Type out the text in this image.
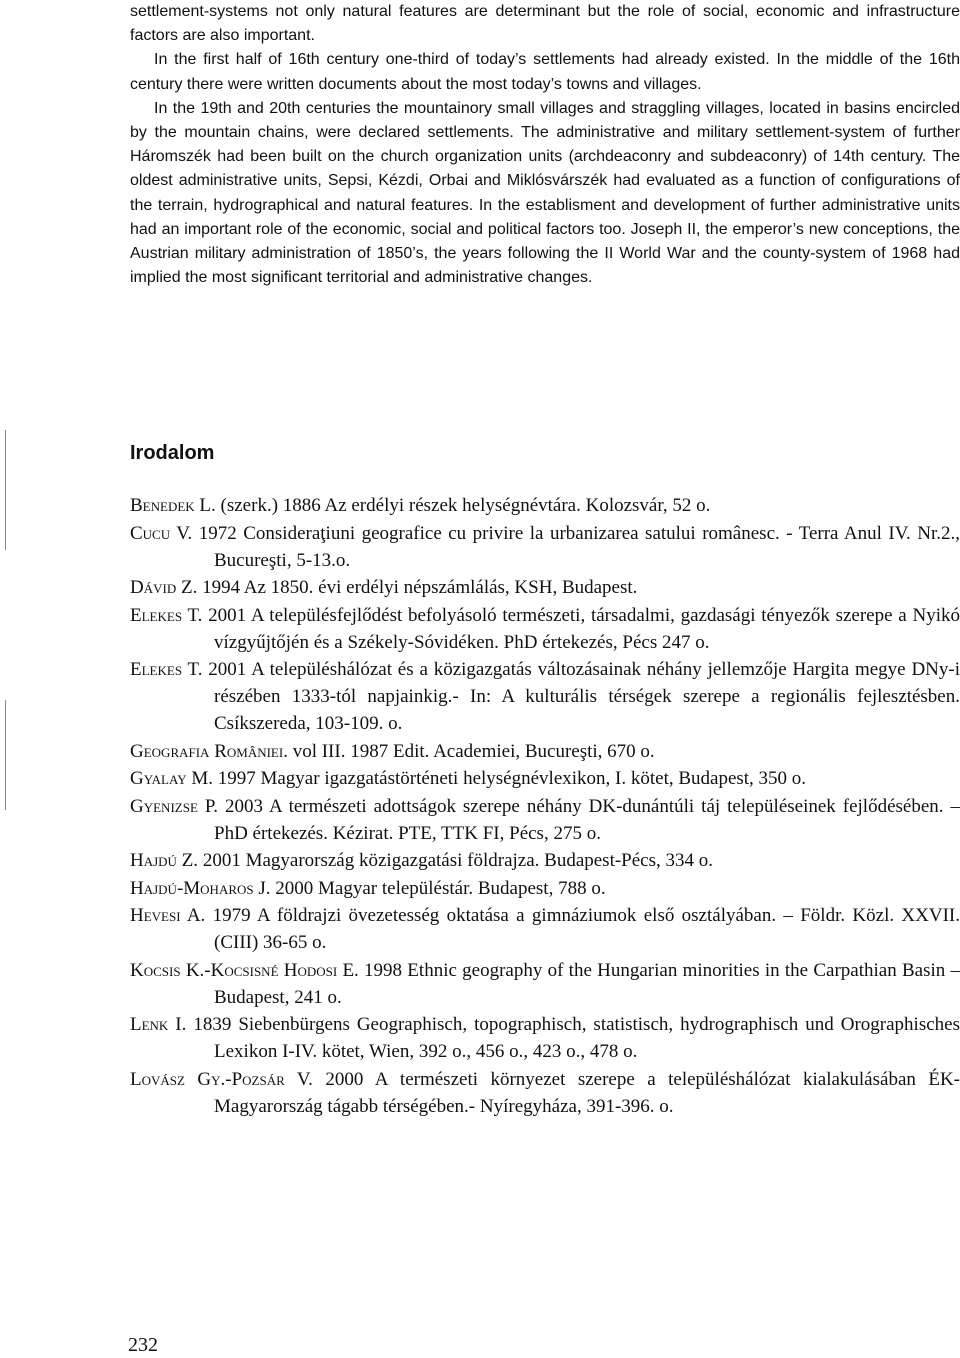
settlement-systems not only natural features are determinant but the role of social, economic and infrastructure factors are also important.

In the first half of 16th century one-third of today’s settlements had already existed. In the middle of the 16th century there were written documents about the most today’s towns and villages.

In the 19th and 20th centuries the mountainory small villages and straggling villages, located in basins encircled by the mountain chains, were declared settlements. The administrative and military settlement-system of further Háromszék had been built on the church organization units (archdeaconry and subdeaconry) of 14th century. The oldest administrative units, Sepsi, Kézdi, Orbai and Miklósvárszék had evaluated as a function of configurations of the terrain, hydrographical and natural features. In the establisment and development of further administrative units had an important role of the economic, social and political factors too. Joseph II, the emperor’s new conceptions, the Austrian military administration of 1850’s, the years following the II World War and the county-system of 1968 had implied the most significant territorial and administrative changes.

Irodalom

Benedek L. (szerk.) 1886 Az erdélyi részek helységnévtára. Kolozsvár, 52 o.

Cucu V. 1972 Consideraţiuni geografice cu privire la urbanizarea satului românesc. - Terra Anul IV. Nr.2., Bucureşti, 5-13.o.

Dávid Z. 1994 Az 1850. évi erdélyi népszámlálás, KSH, Budapest.

Elekes T. 2001 A településfejlődést befolyásoló természeti, társadalmi, gazdasági tényezők szerepe a Nyikó vízgyűjtőjén és a Székely-Sóvidéken. PhD értekezés, Pécs 247 o.

Elekes T. 2001 A településhálózat és a közigazgatás változásainak néhány jellemzője Hargita megye DNy-i részében 1333-tól napjainkig.- In: A kulturális térségek szerepe a regionális fejlesztésben. Csíkszereda, 103-109. o.

Geografia României. vol III. 1987 Edit. Academiei, Bucureşti, 670 o.

Gyalay M. 1997 Magyar igazgatástörténeti helységnévlexikon, I. kötet, Budapest, 350 o.

Gyenizse P. 2003 A természeti adottságok szerepe néhány DK-dunántúli táj településeinek fejlődésében. – PhD értekezés. Kézirat. PTE, TTK FI, Pécs, 275 o.

Hajdú Z. 2001 Magyarország közigazgatási földrajza. Budapest-Pécs, 334 o.

Hajdú-Moharos J. 2000 Magyar településtár. Budapest, 788 o.

Hevesi A. 1979 A földrajzi övezetesség oktatása a gimnáziumok első osztályában. – Földr. Közl. XXVII. (CIII) 36-65 o.

Kocsis K.-Kocsisné Hodosi E. 1998 Ethnic geography of the Hungarian minorities in the Carpathian Basin – Budapest, 241 o.

Lenk I. 1839 Siebenbürgens Geographisch, topographisch, statistisch, hydrographisch und Orographisches Lexikon I-IV. kötet, Wien, 392 o., 456 o., 423 o., 478 o.

Lovász Gy.-Pozsár V. 2000 A természeti környezet szerepe a településhálózat kialakulásában ÉK-Magyarország tágabb térségében.- Nyíregyháza, 391-396. o.

232
